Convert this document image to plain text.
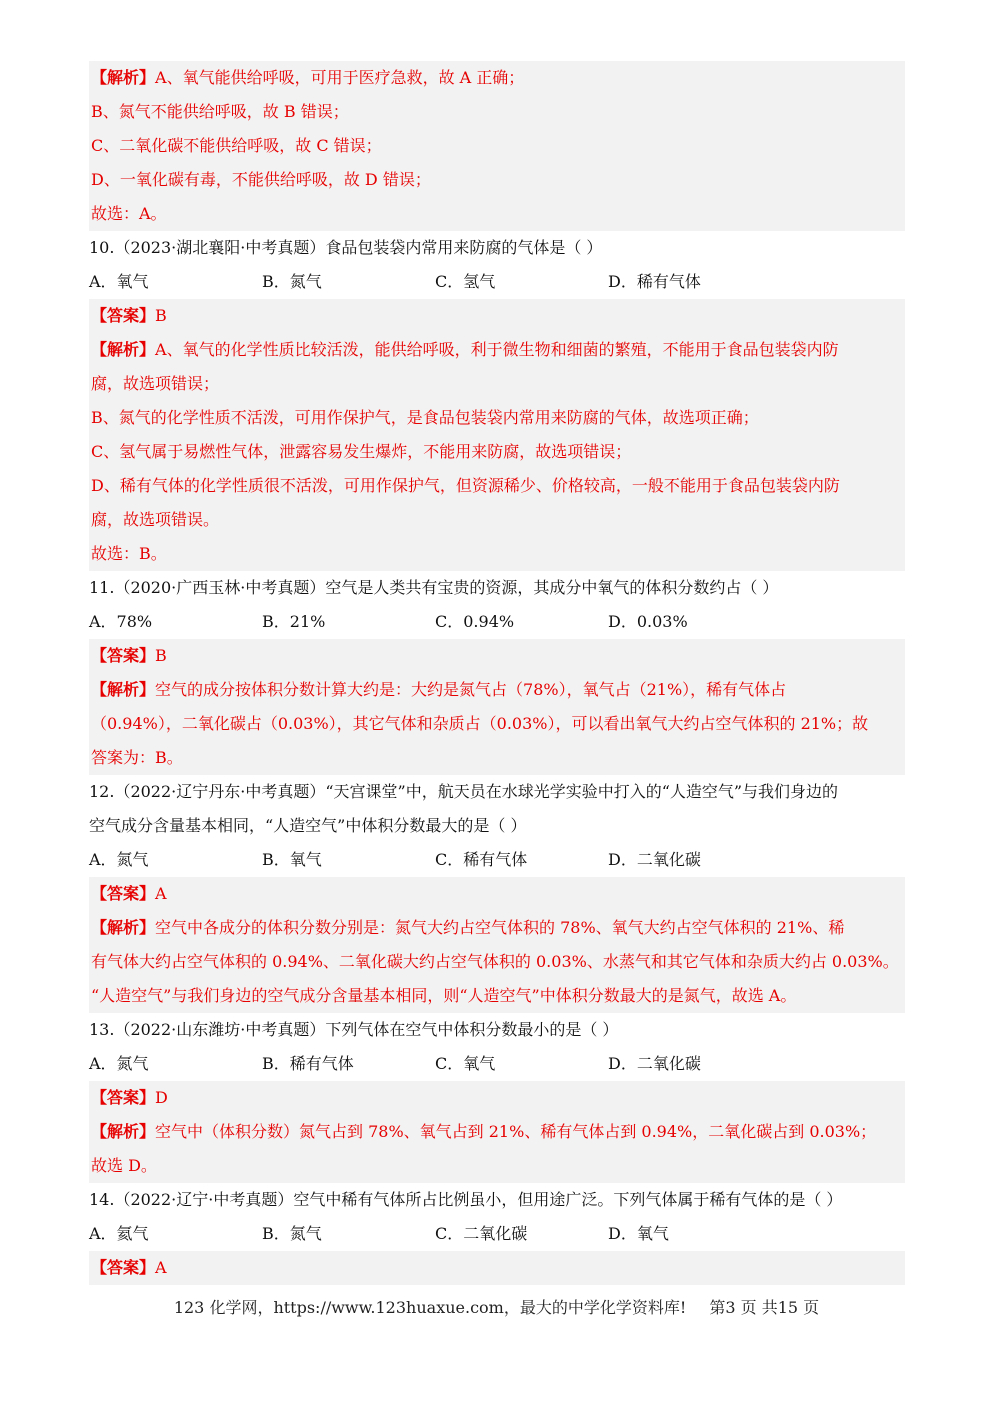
【解析】A、氧气能供给呼吸，可用于医疗急救，故 A 正确；
B、氮气不能供给呼吸，故 B 错误；
C、二氧化碳不能供给呼吸，故 C 错误；
D、一氧化碳有毒，不能供给呼吸，故 D 错误；
故选：A。
10.（2023·湖北襄阳·中考真题）食品包装袋内常用来防腐的气体是（ ）
A．氧气	B．氮气	C．氢气	D．稀有气体
【答案】B
【解析】A、氧气的化学性质比较活泼，能供给呼吸，利于微生物和细菌的繁殖，不能用于食品包装袋内防
腐，故选项错误；
B、氮气的化学性质不活泼，可用作保护气，是食品包装袋内常用来防腐的气体，故选项正确；
C、氢气属于易燃性气体，泄露容易发生爆炸，不能用来防腐，故选项错误；
D、稀有气体的化学性质很不活泼，可用作保护气，但资源稀少、价格较高，一般不能用于食品包装袋内防
腐，故选项错误。
故选：B。
11.（2020·广西玉林·中考真题）空气是人类共有宝贵的资源，其成分中氧气的体积分数约占（ ）
A．78%	B．21%	C．0.94%	D．0.03%
【答案】B
【解析】空气的成分按体积分数计算大约是：大约是氮气占（78%），氧气占（21%），稀有气体占
（0.94%），二氧化碳占（0.03%），其它气体和杂质占（0.03%），可以看出氧气大约占空气体积的 21%；故
答案为：B。
12.（2022·辽宁丹东·中考真题）“天宫课堂”中，航天员在水球光学实验中打入的“人造空气”与我们身边的
空气成分含量基本相同，“人造空气”中体积分数最大的是（ ）
A．氮气	B．氧气	C．稀有气体	D．二氧化碳
【答案】A
【解析】空气中各成分的体积分数分别是：氮气大约占空气体积的 78%、氧气大约占空气体积的 21%、稀
有气体大约占空气体积的 0.94%、二氧化碳大约占空气体积的 0.03%、水蒸气和其它气体和杂质大约占 0.03%。
“人造空气”与我们身边的空气成分含量基本相同，则“人造空气”中体积分数最大的是氮气，故选 A。
13.（2022·山东潍坊·中考真题）下列气体在空气中体积分数最小的是（ ）
A．氮气	B．稀有气体	C．氧气	D．二氧化碳
【答案】D
【解析】空气中（体积分数）氮气占到 78%、氧气占到 21%、稀有气体占到 0.94%，二氧化碳占到 0.03%；
故选 D。
14.（2022·辽宁·中考真题）空气中稀有气体所占比例虽小，但用途广泛。下列气体属于稀有气体的是（ ）
A．氦气	B．氮气	C．二氧化碳	D．氧气
【答案】A
123 化学网，https://www.123huaxue.com，最大的中学化学资料库! 第3 页 共15 页
